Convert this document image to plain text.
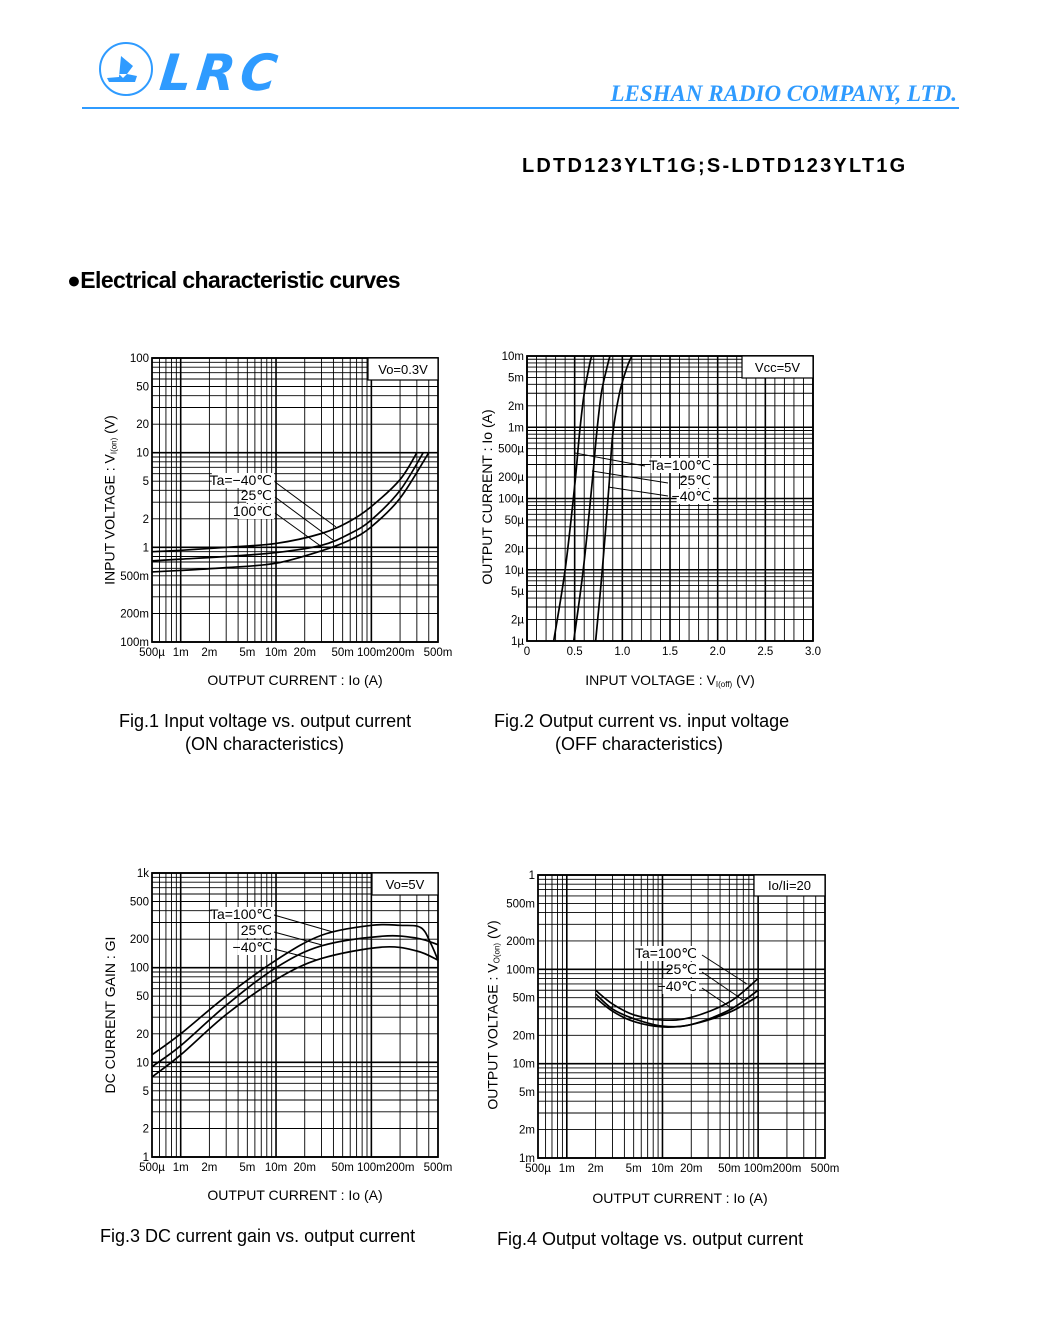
LRC	LESHAN RADIO COMPANY, LTD.
LDTD123YLT1G;S-LDTD123YLT1G
●Electrical characteristic curves
500µ 1m 2m 5m 10m 20m 50m 100m 200m 500m
100m
200m
500m
1
2
5
10
20
50
100
Ta=−40℃
25℃
100℃
Vo=0.3V
0	0.5	1.0	1.5	2.0	2.5	3.0
1µ
2µ
5µ
10µ
20µ
50µ
100µ
200µ
500µ
1m
2m
5m
10m
Ta=100℃
25℃
−40℃
Vcc=5V
500µ 1m 2m 5m 10m 20m 50m 100m 200m 500m
1
2
5
10
20
50
100
200
500
1k
Ta=100℃
25℃
−40℃
Vo=5V
500µ 1m 2m 5m 10m 20m 50m 100m 200m 500m
1m
2m
5m
10m
20m
50m
100m
200m
500m
1
Ta=100℃
25℃
−40℃
Io/Ii=20
OUTPUT CURRENT : Io (A)
INPUT VOLTAGE : $V_{I(on)}$ (V)
Fig.1 Input voltage vs. output current
(ON characteristics)
INPUT VOLTAGE : $V_{I(off)}$ (V)
OUTPUT CURRENT : Io (A)
Fig.2 Output current vs. input voltage
(OFF characteristics)
OUTPUT CURRENT : Io (A)
DC CURRENT GAIN : GI
Fig.3 DC current gain vs. output current
OUTPUT CURRENT : Io (A)
OUTPUT VOLTAGE : $V_{O(on)}$ (V)
Fig.4 Output voltage vs. output current
